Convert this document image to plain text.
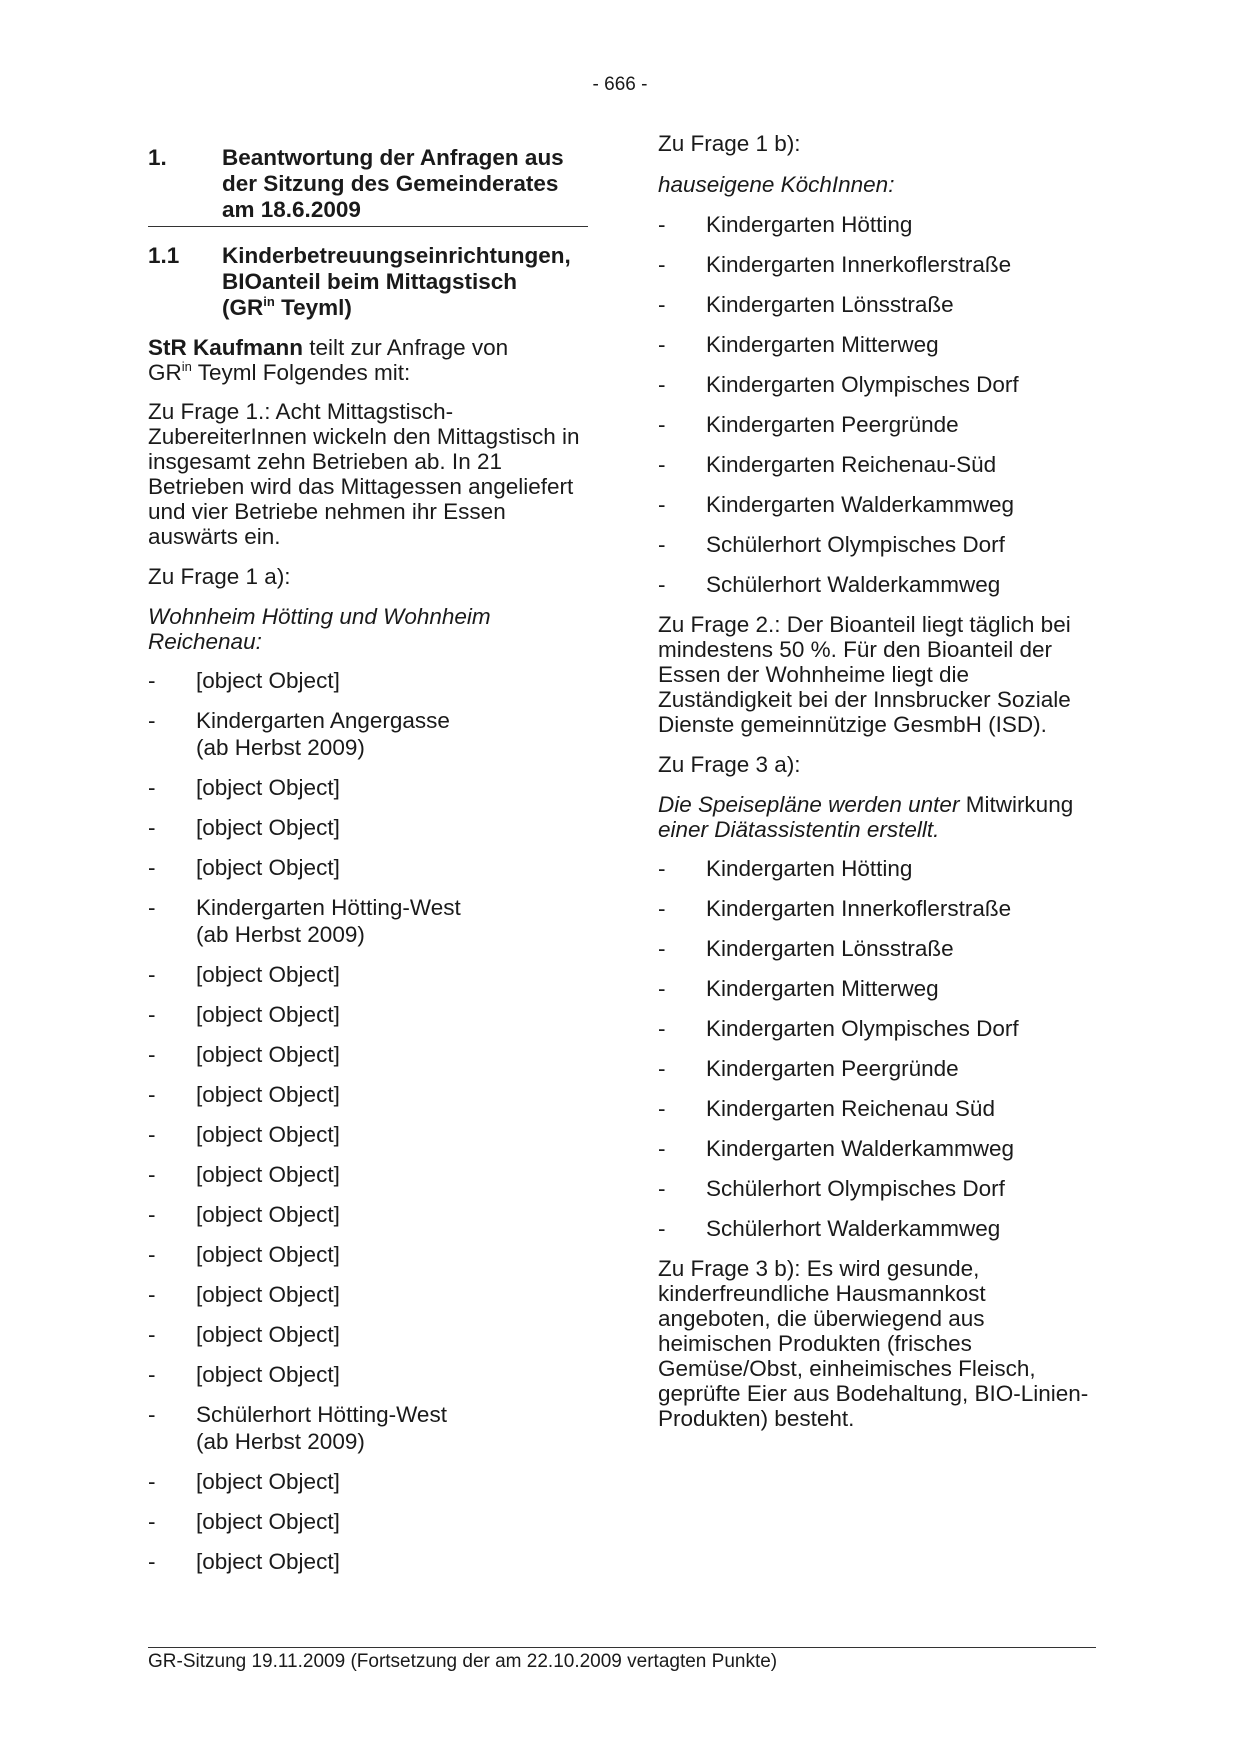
- 666 -
1.	Beantwortung der Anfragen aus der Sitzung des Gemeinderates am 18.6.2009
1.1	Kinderbetreuungseinrichtungen,
BIOanteil beim Mittagstisch
($GR^{in}$ Teyml)
StR Kaufmann teilt zur Anfrage von
$GR^{in}$ Teyml Folgendes mit:
Zu Frage 1.: Acht Mittagstisch-ZubereiterInnen wickeln den Mittagstisch in insgesamt zehn Betrieben ab. In 21 Betrieben wird das Mittagessen angeliefert und vier Betriebe nehmen ihr Essen auswärts ein.
Zu Frage 1 a):
Wohnheim Hötting und Wohnheim Reichenau:
-	[object Object]
-	Kindergarten Angergasse
(ab Herbst 2009)
-	[object Object]
-	[object Object]
-	[object Object]
-	Kindergarten Hötting-West
(ab Herbst 2009)
-	[object Object]
-	[object Object]
-	[object Object]
-	[object Object]
-	[object Object]
-	[object Object]
-	[object Object]
-	[object Object]
-	[object Object]
-	[object Object]
-	[object Object]
-	Schülerhort Hötting-West
(ab Herbst 2009)
-	[object Object]
-	[object Object]
-	[object Object]
Zu Frage 1 b):
hauseigene KöchInnen:
-	Kindergarten Hötting
-	Kindergarten Innerkoflerstraße
-	Kindergarten Lönsstraße
-	Kindergarten Mitterweg
-	Kindergarten Olympisches Dorf
-	Kindergarten Peergründe
-	Kindergarten Reichenau-Süd
-	Kindergarten Walderkammweg
-	Schülerhort Olympisches Dorf
-	Schülerhort Walderkammweg
Zu Frage 2.: Der Bioanteil liegt täglich bei mindestens 50 %. Für den Bioanteil der Essen der Wohnheime liegt die Zuständigkeit bei der Innsbrucker Soziale Dienste gemeinnützige GesmbH (ISD).
Zu Frage 3 a):
Die Speisepläne werden unter Mitwirkung
einer Diätassistentin erstellt.
-	Kindergarten Hötting
-	Kindergarten Innerkoflerstraße
-	Kindergarten Lönsstraße
-	Kindergarten Mitterweg
-	Kindergarten Olympisches Dorf
-	Kindergarten Peergründe
-	Kindergarten Reichenau Süd
-	Kindergarten Walderkammweg
-	Schülerhort Olympisches Dorf
-	Schülerhort Walderkammweg
Zu Frage 3 b): Es wird gesunde, kinderfreundliche Hausmannkost angeboten, die überwiegend aus heimischen Produkten (frisches Gemüse/Obst, einheimisches Fleisch, geprüfte Eier aus Bodehaltung, BIO-Linien-Produkten) besteht.
GR-Sitzung 19.11.2009 (Fortsetzung der am 22.10.2009 vertagten Punkte)
